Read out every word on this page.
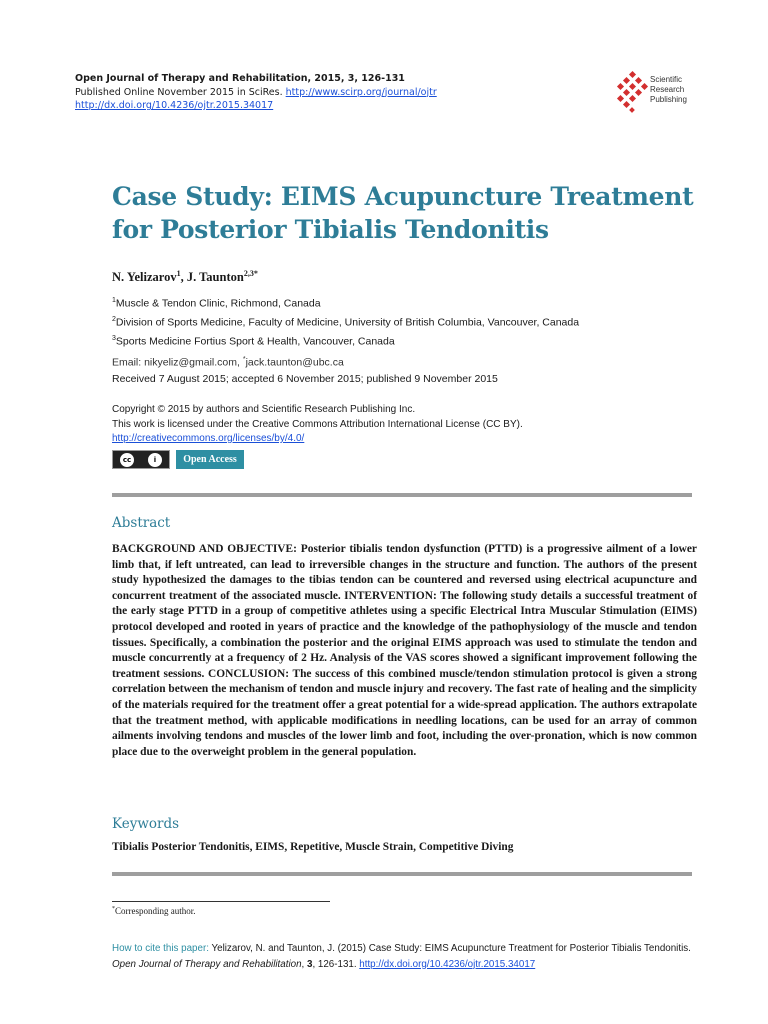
Open Journal of Therapy and Rehabilitation, 2015, 3, 126-131
Published Online November 2015 in SciRes. http://www.scirp.org/journal/ojtr
http://dx.doi.org/10.4236/ojtr.2015.34017
Scientific
Research
Publishing
Case Study: EIMS Acupuncture Treatment
for Posterior Tibialis Tendonitis
N. Yelizarov$^1$, J. Taunton$^{2,3*}$
$^1$Muscle & Tendon Clinic, Richmond, Canada
$^2$Division of Sports Medicine, Faculty of Medicine, University of British Columbia, Vancouver, Canada
$^3$Sports Medicine Fortius Sport & Health, Vancouver, Canada
Email: nikyeliz@gmail.com, *jack.taunton@ubc.ca
Received 7 August 2015; accepted 6 November 2015; published 9 November 2015
Copyright © 2015 by authors and Scientific Research Publishing Inc.
This work is licensed under the Creative Commons Attribution International License (CC BY).
http://creativecommons.org/licenses/by/4.0/
cc	i	Open Access
Abstract
BACKGROUND AND OBJECTIVE: Posterior tibialis tendon dysfunction (PTTD) is a progressive ailment of a lower limb that, if left untreated, can lead to irreversible changes in the structure and function. The authors of the present study hypothesized the damages to the tibias tendon can be countered and reversed using electrical acupuncture and concurrent treatment of the associated muscle. INTERVENTION: The following study details a successful treatment of the early stage PTTD in a group of competitive athletes using a specific Electrical Intra Muscular Stimulation (EIMS) protocol developed and rooted in years of practice and the knowledge of the pathophysiology of the muscle and tendon tissues. Specifically, a combination the posterior and the original EIMS approach was used to stimulate the tendon and muscle concurrently at a frequency of 2 Hz. Analysis of the VAS scores showed a significant improvement following the treatment sessions. CONCLUSION: The success of this combined muscle/tendon stimulation protocol is given a strong correlation between the mechanism of tendon and muscle injury and recovery. The fast rate of healing and the simplicity of the materials required for the treatment offer a great potential for a wide-spread application. The authors extrapolate that the treatment method, with applicable modifications in needling locations, can be used for an array of common ailments involving tendons and muscles of the lower limb and foot, including the over-pronation, which is now common place due to the overweight problem in the general population.
Keywords
Tibialis Posterior Tendonitis, EIMS, Repetitive, Muscle Strain, Competitive Diving
*Corresponding author.
How to cite this paper: Yelizarov, N. and Taunton, J. (2015) Case Study: EIMS Acupuncture Treatment for Posterior Tibialis Tendonitis. Open Journal of Therapy and Rehabilitation, 3, 126-131. http://dx.doi.org/10.4236/ojtr.2015.34017
